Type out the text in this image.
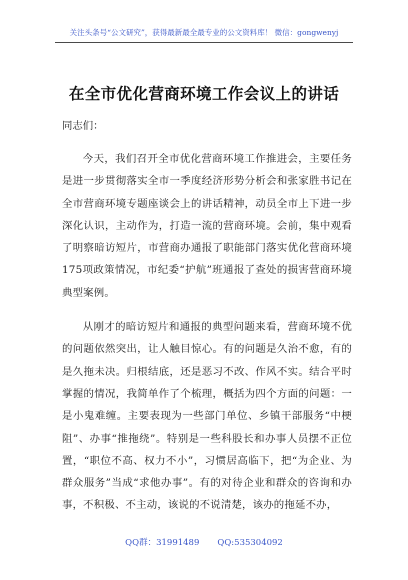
关注头条号“公文研究”，获得最新最全最专业的公文资料库！ 微信：gongwenyj
在全市优化营商环境工作会议上的讲话
同志们：

今天，我们召开全市优化营商环境工作推进会，主要任务是进一步贯彻落实全市一季度经济形势分析会和张家胜书记在全市营商环境专题座谈会上的讲话精神，动员全市上下进一步深化认识，主动作为，打造一流的营商环境。会前，集中观看了明察暗访短片，市营商办通报了职能部门落实优化营商环境175项政策情况，市纪委“护航”班通报了查处的损害营商环境典型案例。

从刚才的暗访短片和通报的典型问题来看，营商环境不优的问题依然突出，让人触目惊心。有的问题是久治不愈，有的是久拖未决。归根结底，还是恶习不改、作风不实。结合平时掌握的情况，我简单作了个梳理，概括为四个方面的问题：一是小鬼难缠。主要表现为一些部门单位、乡镇干部服务“中梗阻”、办事“推拖绕”。特别是一些科股长和办事人员摆不正位置，“职位不高、权力不小”，习惯居高临下，把“为企业、为群众服务”当成“求他办事”。有的对待企业和群众的咨询和办事，不积极、不主动，该说的不说清楚，该办的拖延不办，

QQ群：31991489 QQ:535304092
